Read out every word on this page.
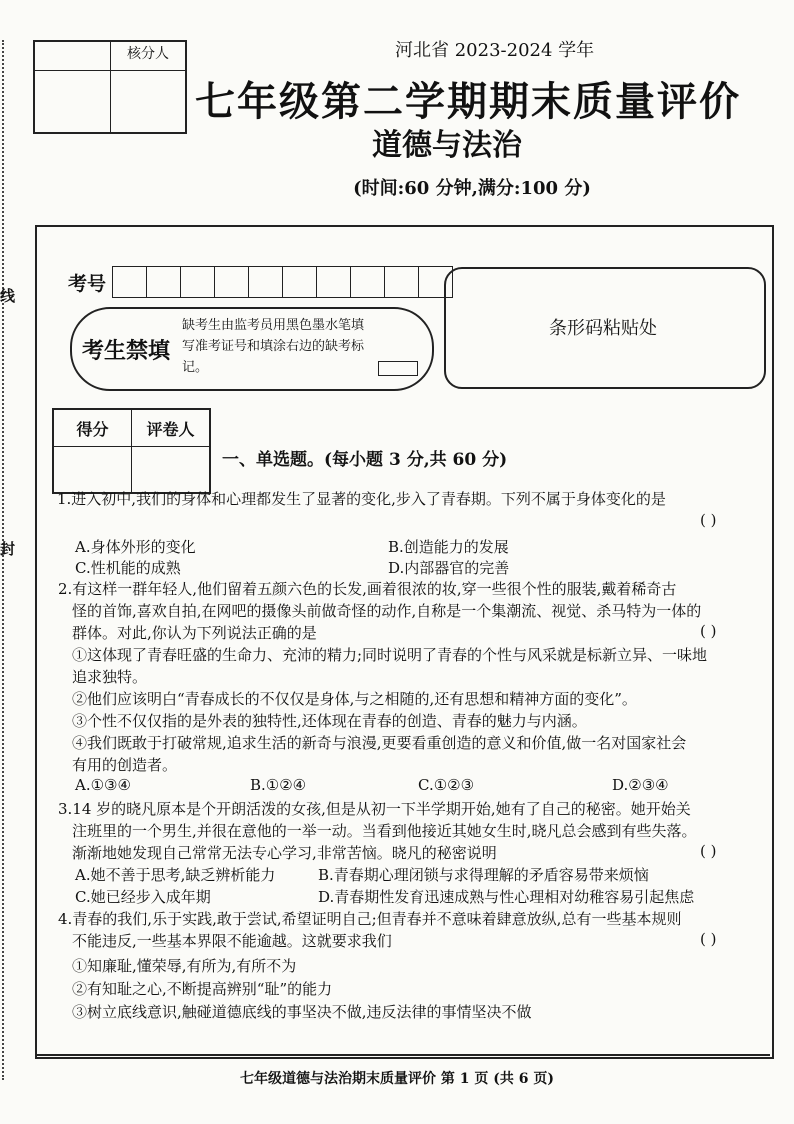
线
封
核分人	河北省 2023-2024 学年
七年级第二学期期末质量评价
道德与法治
(时间:60 分钟,满分:100 分)
考号
考生禁填
缺考生由监考员用黑色墨水笔填写准考证号和填涂右边的缺考标记。
条形码粘贴处
得分	评卷人
一、单选题。(每小题 3 分,共 60 分)
1.进入初中,我们的身体和心理都发生了显著的变化,步入了青春期。下列不属于身体变化的是
( )
A.身体外形的变化	B.创造能力的发展
C.性机能的成熟	D.内部器官的完善
2.有这样一群年轻人,他们留着五颜六色的长发,画着很浓的妆,穿一些很个性的服装,戴着稀奇古
怪的首饰,喜欢自拍,在网吧的摄像头前做奇怪的动作,自称是一个集潮流、视觉、杀马特为一体的
群体。对此,你认为下列说法正确的是	( )
①这体现了青春旺盛的生命力、充沛的精力;同时说明了青春的个性与风采就是标新立异、一味地
追求独特。
②他们应该明白“青春成长的不仅仅是身体,与之相随的,还有思想和精神方面的变化”。
③个性不仅仅指的是外表的独特性,还体现在青春的创造、青春的魅力与内涵。
④我们既敢于打破常规,追求生活的新奇与浪漫,更要看重创造的意义和价值,做一名对国家社会
有用的创造者。
A.①③④	B.①②④	C.①②③	D.②③④
3.14 岁的晓凡原本是个开朗活泼的女孩,但是从初一下半学期开始,她有了自己的秘密。她开始关
注班里的一个男生,并很在意他的一举一动。当看到他接近其她女生时,晓凡总会感到有些失落。
渐渐地她发现自己常常无法专心学习,非常苦恼。晓凡的秘密说明	( )
A.她不善于思考,缺乏辨析能力	B.青春期心理闭锁与求得理解的矛盾容易带来烦恼
C.她已经步入成年期	D.青春期性发育迅速成熟与性心理相对幼稚容易引起焦虑
4.青春的我们,乐于实践,敢于尝试,希望证明自己;但青春并不意味着肆意放纵,总有一些基本规则
不能违反,一些基本界限不能逾越。这就要求我们	( )
①知廉耻,懂荣辱,有所为,有所不为
②有知耻之心,不断提高辨别“耻”的能力
③树立底线意识,触碰道德底线的事坚决不做,违反法律的事情坚决不做
七年级道德与法治期末质量评价 第 1 页 (共 6 页)
